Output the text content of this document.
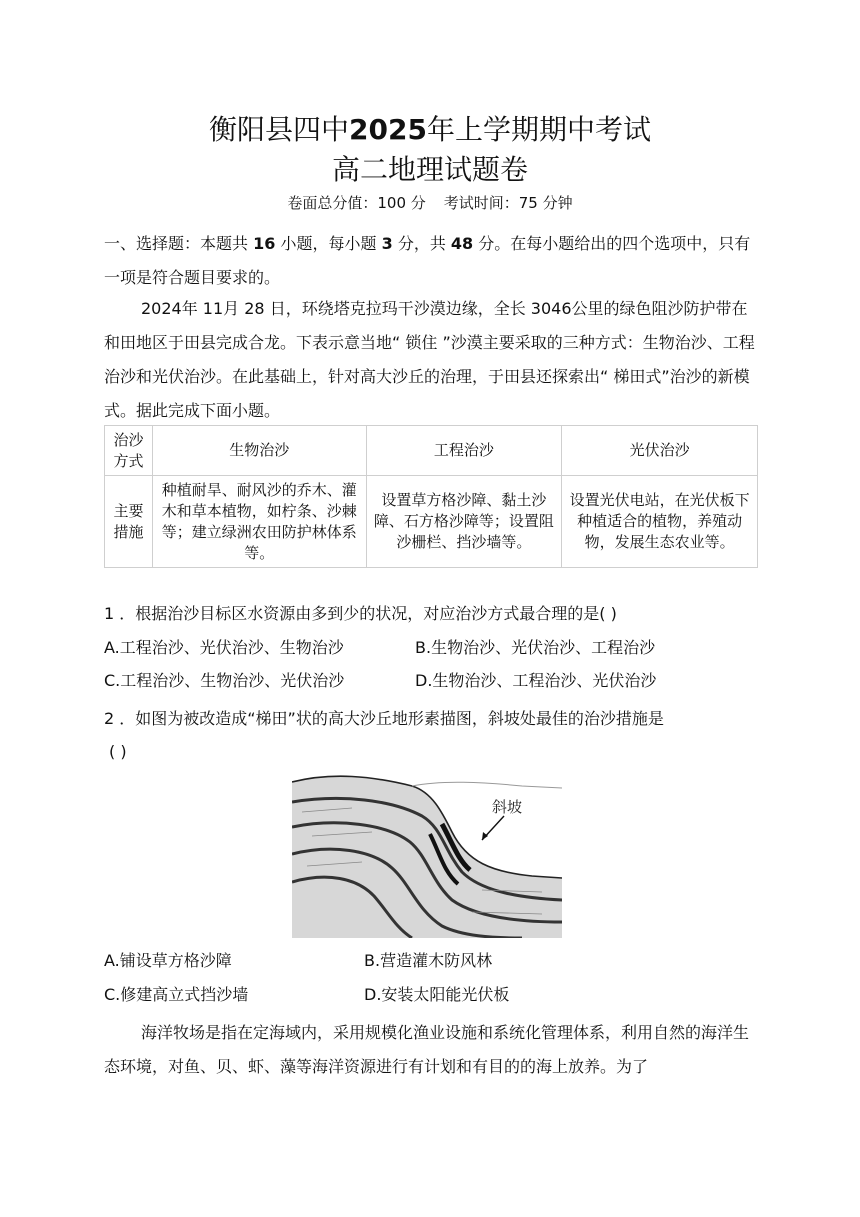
衡阳县四中2025年上学期期中考试
高二地理试题卷
卷面总分值：100 分 考试时间：75 分钟
一、选择题：本题共 16 小题，每小题 3 分，共 48 分。在每小题给出的四个选项中，只有一项是符合题目要求的。
2024年 11月 28 日，环绕塔克拉玛干沙漠边缘，全长 3046公里的绿色阻沙防护带在和田地区于田县完成合龙。下表示意当地“ 锁住 ”沙漠主要采取的三种方式：生物治沙、工程治沙和光伏治沙。在此基础上，针对高大沙丘的治理，于田县还探索出“ 梯田式”治沙的新模式。据此完成下面小题。
治沙方式	生物治沙	工程治沙	光伏治沙
主要措施	种植耐旱、耐风沙的乔木、灌木和草本植物，如柠条、沙棘等；建立绿洲农田防护林体系等。	设置草方格沙障、黏土沙障、石方格沙障等；设置阻沙栅栏、挡沙墙等。	设置光伏电站，在光伏板下种植适合的植物，养殖动物，发展生态农业等。
1 ．根据治沙目标区水资源由多到少的状况，对应治沙方式最合理的是( )
A.工程治沙、光伏治沙、生物治沙	B.生物治沙、光伏治沙、工程治沙
C.工程治沙、生物治沙、光伏治沙	D.生物治沙、工程治沙、光伏治沙
2 ．如图为被改造成“梯田”状的高大沙丘地形素描图，斜坡处最佳的治沙措施是
( )
斜坡
A.铺设草方格沙障	B.营造灌木防风林
C.修建高立式挡沙墙	D.安装太阳能光伏板
海洋牧场是指在定海域内，采用规模化渔业设施和系统化管理体系，利用自然的海洋生态环境，对鱼、贝、虾、藻等海洋资源进行有计划和有目的的海上放养。为了
